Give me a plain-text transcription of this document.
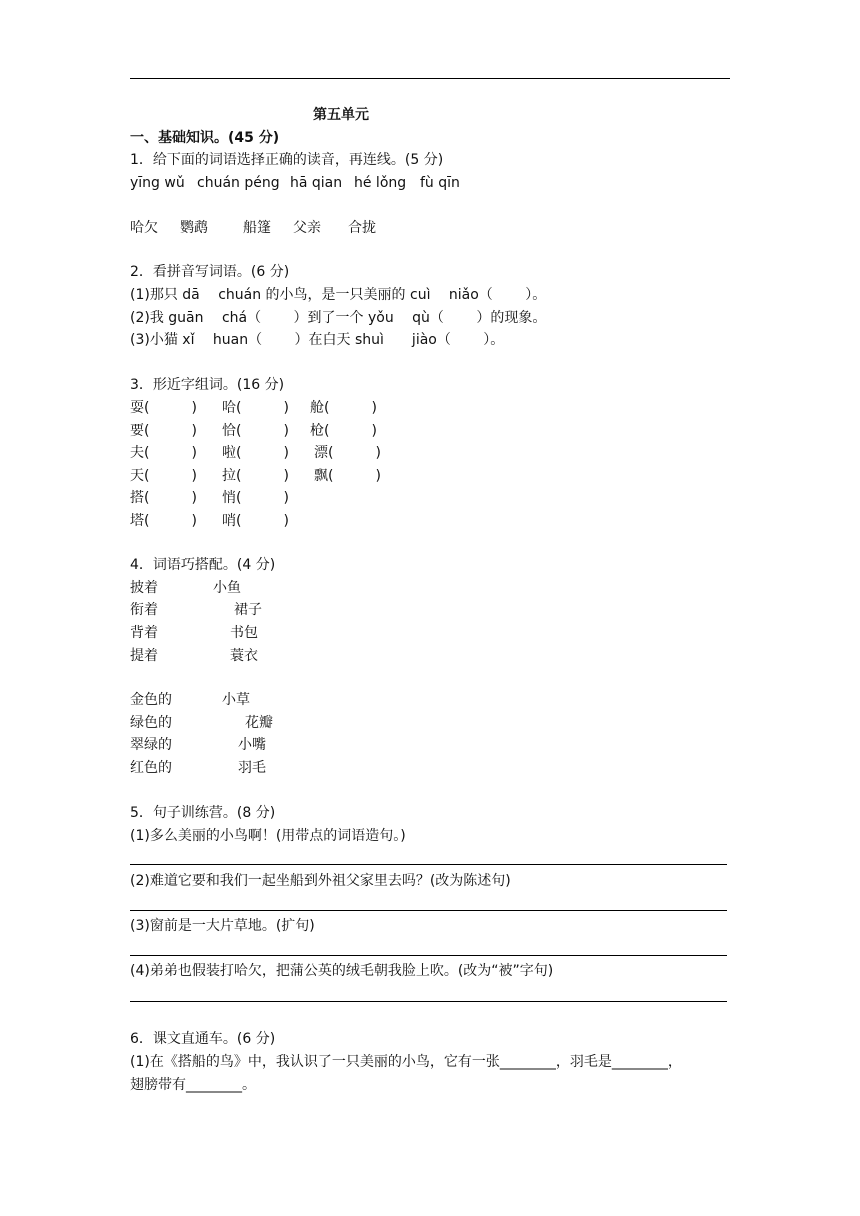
第五单元
一、基础知识。(45 分)
1．给下面的词语选择正确的读音，再连线。(5 分)
yīng wǔ chuán péng hā qian hé lǒng fù qīn
哈欠 鹦鹉	船篷 父亲 合拢
2．看拼音写词语。(6 分)
(1)那只 dā　 chuán 的小鸟，是一只美丽的 cuì　 niǎo（　　 ）。
(2)我 guān　 chá（　　 ）到了一个 yǒu　 qù（　　 ）的现象。
(3)小猫 xǐ　 huan（　　 ）在白天 shuì　　jiào（　　 ）。
3．形近字组词。(16 分)
耍(　　　)
要(　　　)
夫(　　　)
天(　　　)
搭(　　　)
塔(　　　)
哈(　　　)
恰(　　　)
啦(　　　)
拉(　　　)
悄(　　　)
哨(　　　)
舱(　　　)
枪(　　　)
漂(　　　)
飘(　　　)
4．词语巧搭配。(4 分)
披着
衔着
背着
提着
小鱼
裙子
书包
蓑衣
金色的
绿色的
翠绿的
红色的
小草
花瓣
小嘴
羽毛
5．句子训练营。(8 分)
(1)多么美丽的小鸟啊！(用带点的词语造句。)
(2)难道它要和我们一起坐船到外祖父家里去吗？(改为陈述句)
(3)窗前是一大片草地。(扩句)
(4)弟弟也假装打哈欠，把蒲公英的绒毛朝我脸上吹。(改为“被”字句)
6．课文直通车。(6 分)
(1)在《搭船的鸟》中，我认识了一只美丽的小鸟，它有一张________，羽毛是________，
翅膀带有________。
